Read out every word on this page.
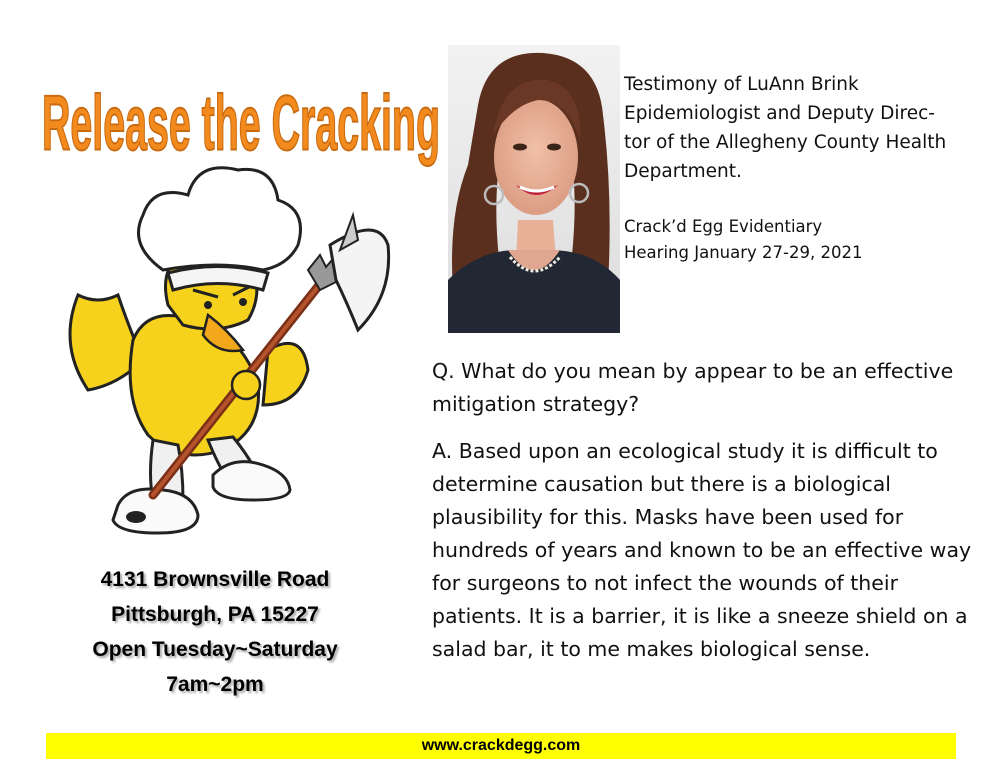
Release the Cracking
4131 Brownsville Road
Pittsburgh, PA 15227
Open Tuesday~Saturday
7am~2pm

Testimony of LuAnn Brink

Epidemiologist and Deputy Direc-

tor of the Allegheny County Health

Department.

Crack’d Egg Evidentiary

Hearing January 27-29, 2021

Q. What do you mean by appear to be an effective mitigation strategy?

A. Based upon an ecological study it is difficult to determine causation but there is a biological plausibility for this. Masks have been used for hundreds of years and known to be an effective way for surgeons to not infect the wounds of their patients. It is a barrier, it is like a sneeze shield on a salad bar, it to me makes biological sense.

www.crackdegg.com
